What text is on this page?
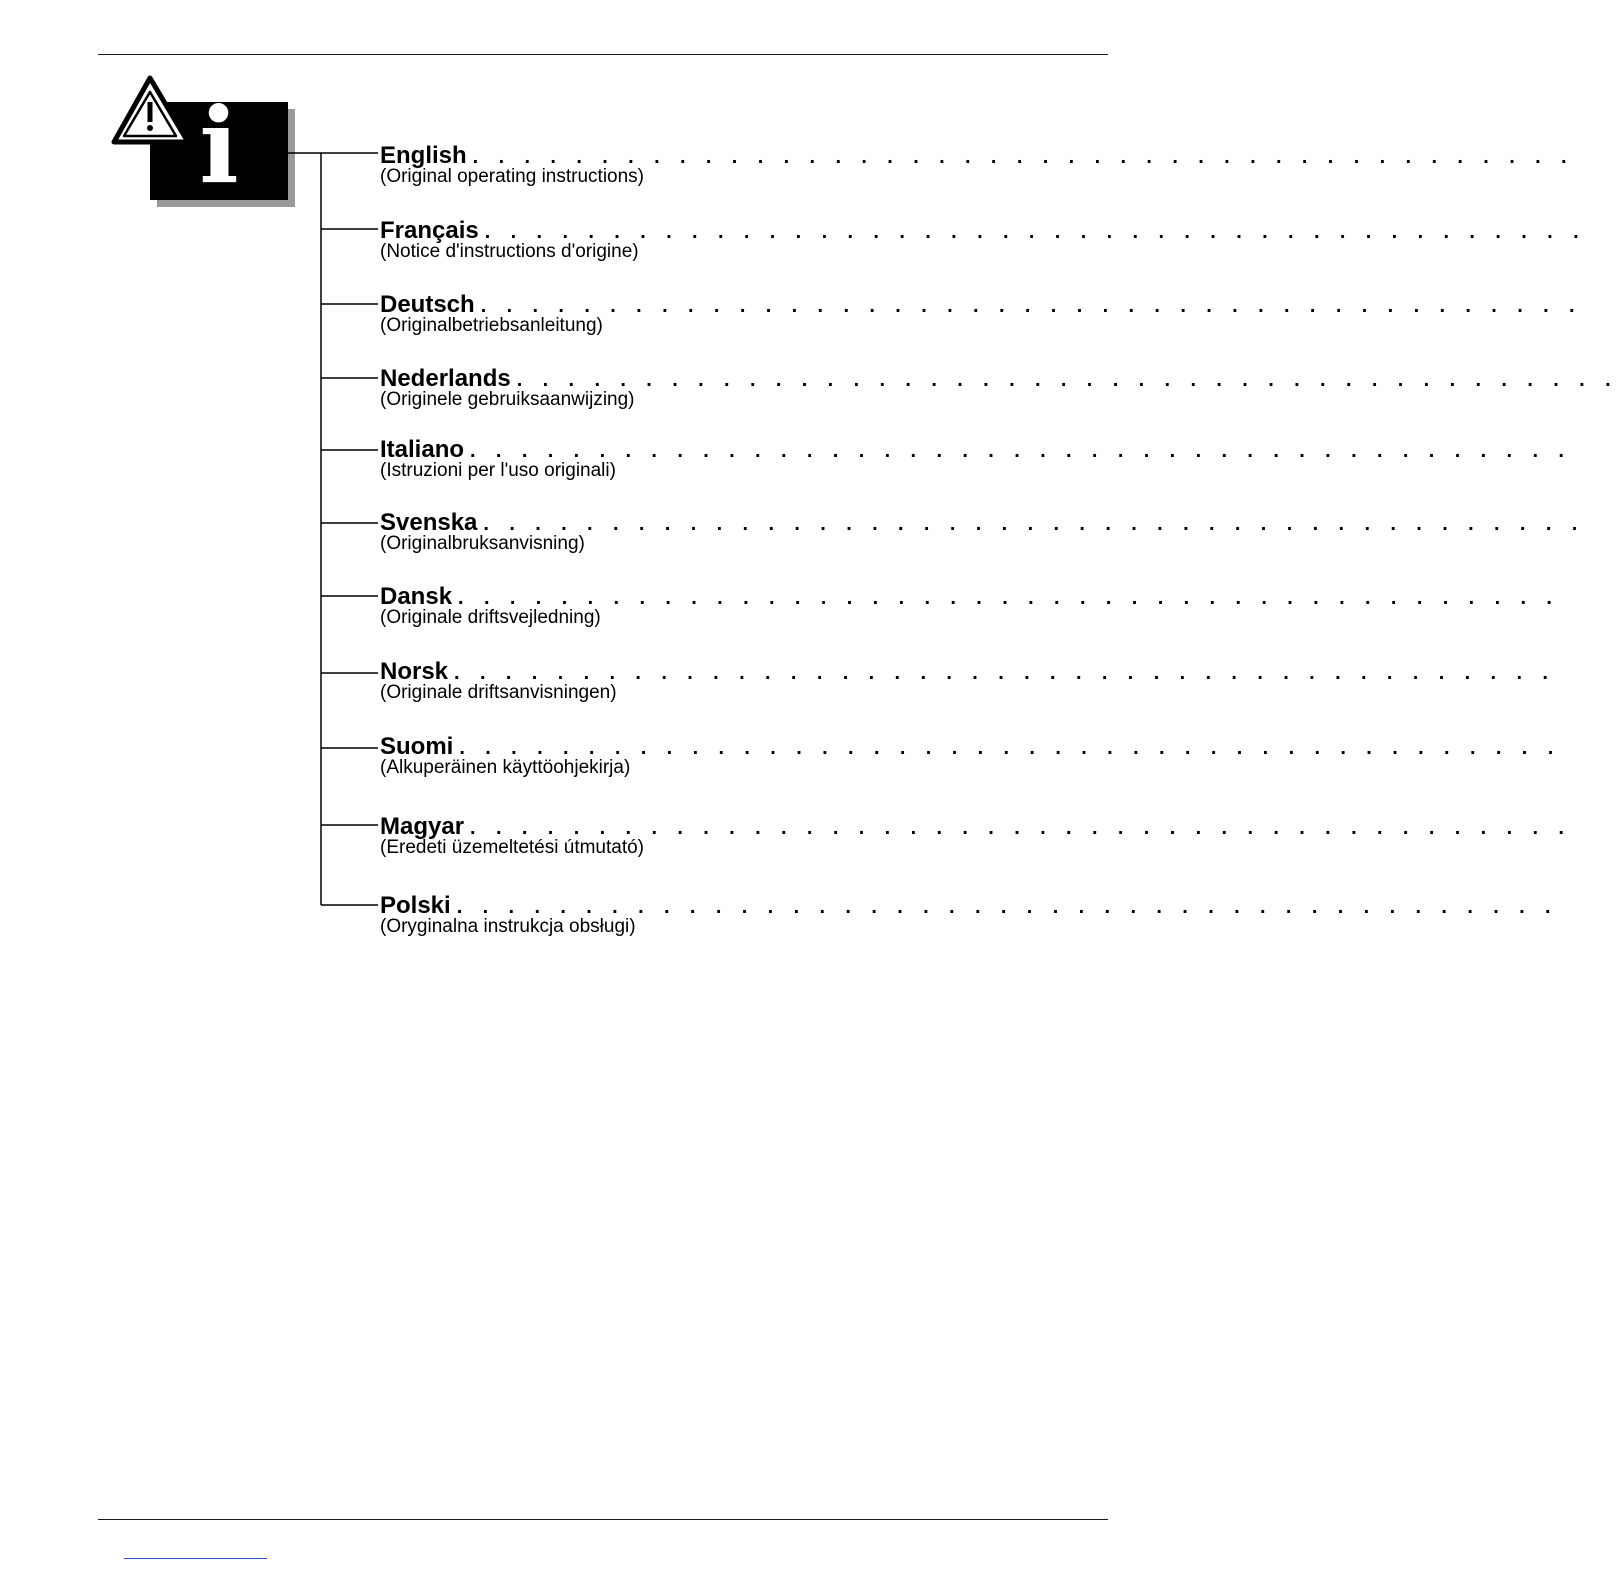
i	English . . . . . . . . . . . . . . . . . . . . . . . . . . . . . . . . . . . . . . . . . . .
(Original operating instructions)
Français . . . . . . . . . . . . . . . . . . . . . . . . . . . . . . . . . . . . . . . . . . .
(Notice d'instructions d'origine)
Deutsch . . . . . . . . . . . . . . . . . . . . . . . . . . . . . . . . . . . . . . . . . . .
(Originalbetriebsanleitung)
Nederlands . . . . . . . . . . . . . . . . . . . . . . . . . . . . . . . . . . . . . . . . . . .
(Originele gebruiksaanwijzing)
Italiano . . . . . . . . . . . . . . . . . . . . . . . . . . . . . . . . . . . . . . . . . . .
(Istruzioni per l'uso originali)
Svenska . . . . . . . . . . . . . . . . . . . . . . . . . . . . . . . . . . . . . . . . . . .
(Originalbruksanvisning)
Dansk . . . . . . . . . . . . . . . . . . . . . . . . . . . . . . . . . . . . . . . . . . .
(Originale driftsvejledning)
Norsk . . . . . . . . . . . . . . . . . . . . . . . . . . . . . . . . . . . . . . . . . . .
(Originale driftsanvisningen)
Suomi . . . . . . . . . . . . . . . . . . . . . . . . . . . . . . . . . . . . . . . . . . .
(Alkuperäinen käyttöohjekirja)
Magyar . . . . . . . . . . . . . . . . . . . . . . . . . . . . . . . . . . . . . . . . . . .
(Eredeti üzemeltetési útmutató)
Polski . . . . . . . . . . . . . . . . . . . . . . . . . . . . . . . . . . . . . . . . . . .
(Oryginalna instrukcja obsługi)
